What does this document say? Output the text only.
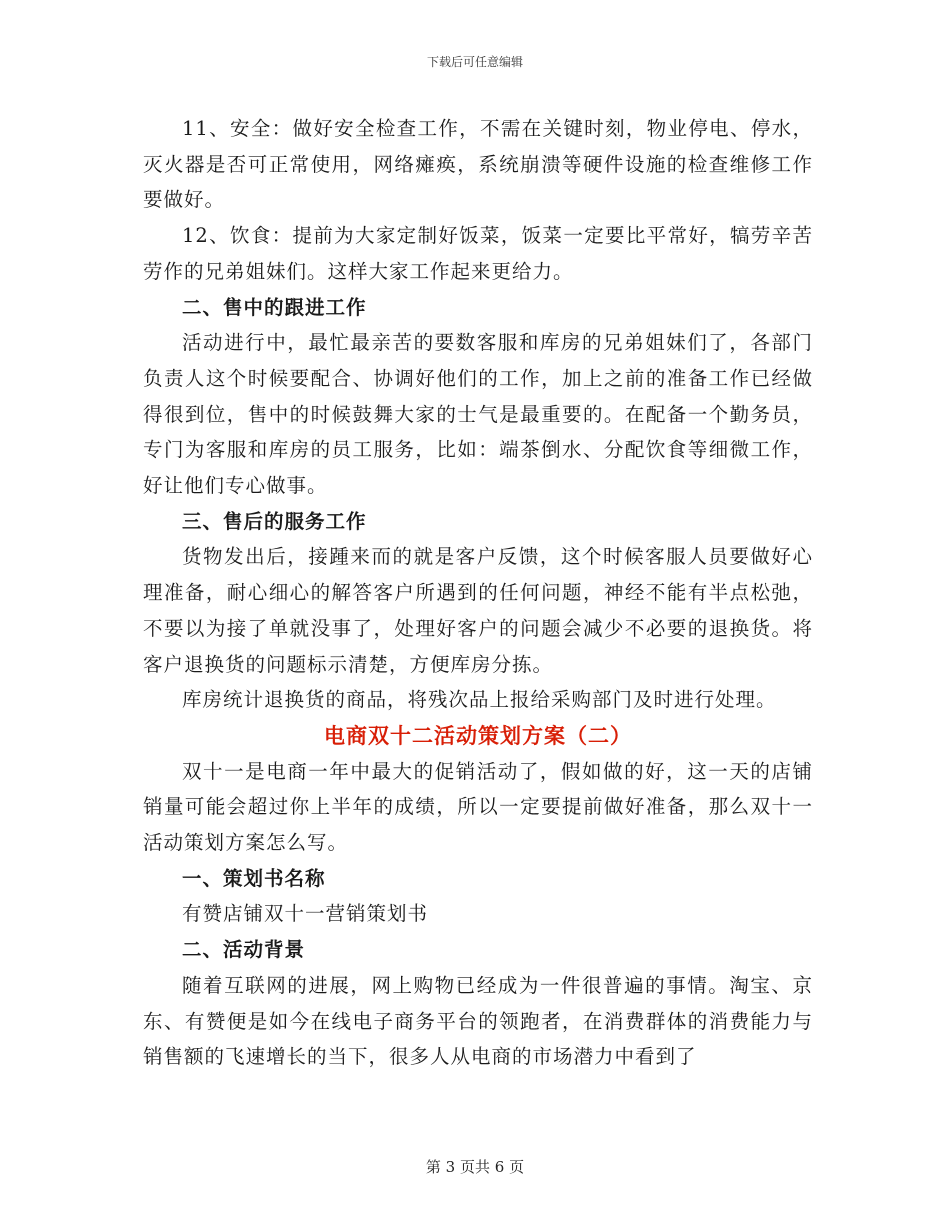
下载后可任意编辑

11、安全：做好安全检查工作，不需在关键时刻，物业停电、停水，灭火器是否可正常使用，网络瘫痪，系统崩溃等硬件设施的检查维修工作要做好。

12、饮食：提前为大家定制好饭菜，饭菜一定要比平常好，犒劳辛苦劳作的兄弟姐妹们。这样大家工作起来更给力。

二、售中的跟进工作

活动进行中，最忙最亲苦的要数客服和库房的兄弟姐妹们了，各部门负责人这个时候要配合、协调好他们的工作，加上之前的准备工作已经做得很到位，售中的时候鼓舞大家的士气是最重要的。在配备一个勤务员，专门为客服和库房的员工服务，比如：端茶倒水、分配饮食等细微工作，好让他们专心做事。

三、售后的服务工作

货物发出后，接踵来而的就是客户反馈，这个时候客服人员要做好心理准备，耐心细心的解答客户所遇到的任何问题，神经不能有半点松弛，不要以为接了单就没事了，处理好客户的问题会减少不必要的退换货。将客户退换货的问题标示清楚，方便库房分拣。

库房统计退换货的商品，将残次品上报给采购部门及时进行处理。

电商双十二活动策划方案（二）

双十一是电商一年中最大的促销活动了，假如做的好，这一天的店铺销量可能会超过你上半年的成绩，所以一定要提前做好准备，那么双十一活动策划方案怎么写。

一、策划书名称

有赞店铺双十一营销策划书

二、活动背景

随着互联网的进展，网上购物已经成为一件很普遍的事情。淘宝、京东、有赞便是如今在线电子商务平台的领跑者，在消费群体的消费能力与销售额的飞速增长的当下，很多人从电商的市场潜力中看到了

第 3 页共 6 页
